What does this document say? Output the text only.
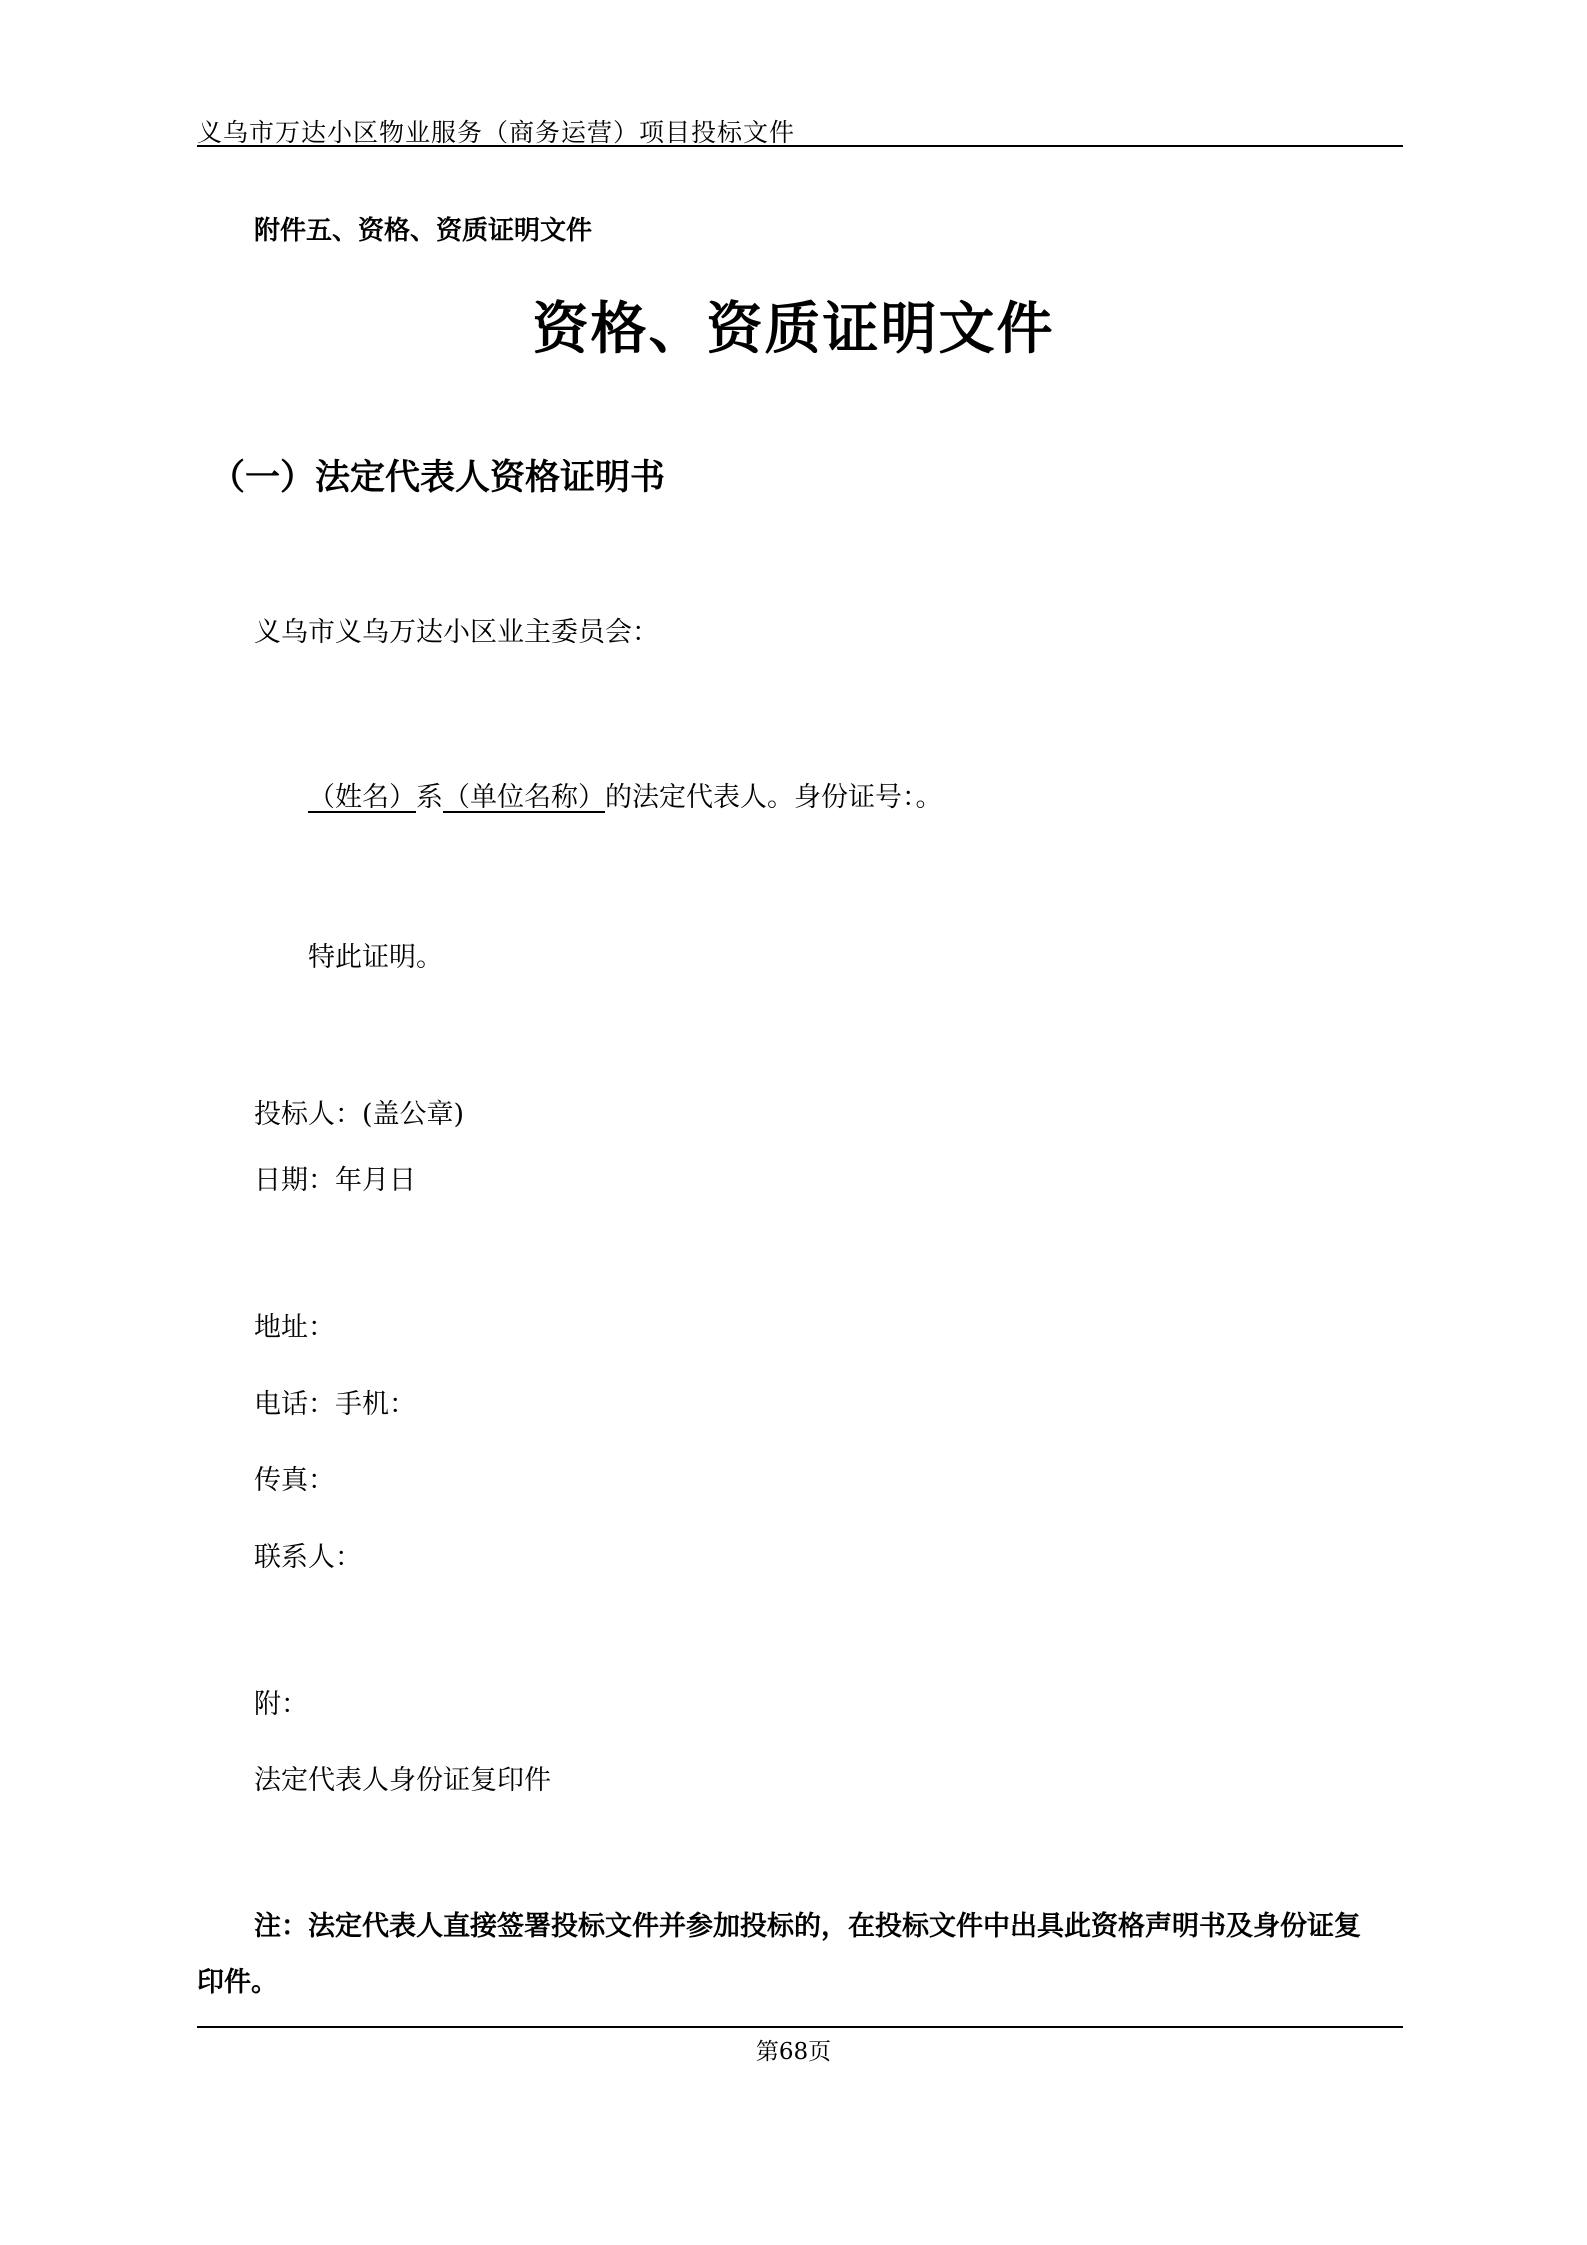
义乌市万达小区物业服务（商务运营）项目投标文件
附件五、资格、资质证明文件
资格、资质证明文件
（一）法定代表人资格证明书
义乌市义乌万达小区业主委员会：
（姓名）系（单位名称）的法定代表人。身份证号：。
特此证明。
投标人：(盖公章)
日期：年月日
地址：
电话：手机：
传真：
联系人：
附：
法定代表人身份证复印件
注：法定代表人直接签署投标文件并参加投标的，在投标文件中出具此资格声明书及身份证复
印件。
第68页
